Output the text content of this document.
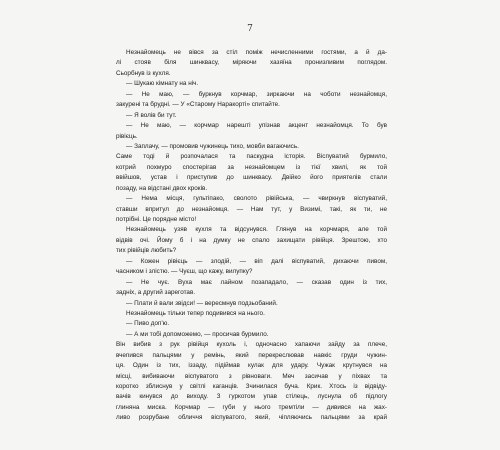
7
Незнайомець не вівся за стіл поміж нечисленними гостями, а й да-
лі стояв біля шинквасу, міряючи хазяїна пронизливим поглядом.
Сьорбнув із кухля.
— Шукаю кімнату на ніч.
— Не маю, — буркнув корчмар, зиркаючи на чоботи незнайомця,
закурені та брудні. — У «Старому Наракорті» спитайте.
— Я волів би тут.
— Не маю, — корчмар нарешті упізнав акцент незнайомця. То був
рівієць.
— Заплачу, — промовив чужинець тихо, мовби вагаючись.
Саме тоді й розпочалася та паскудна історія. Віспуватий бурмило,
котрий похмуро спостерігав за незнайомцем із тієї хвилі, як той
ввійшов, устав і приступив до шинквасу. Двійко його приятелів стали
позаду, на відстані двох кроків.
— Нема місця, гультіпако, сволото рівійська, — чвиркнув віспуватий,
ставши впритул до незнайомця. — Нам тут, у Визимі, такі, як ти, не
потрібні. Це порядне місто!
Незнайомець узяв кухля та відсунувся. Глянув на корчмаря, але той
відвів очі. Йому б і на думку не спало захищати рівійця. Зрештою, хто
тих рівійців любить?
— Кожен рівієць — злодій, — віп далі віспуватий, дихаючи пивом,
часником і злістю. — Чуєш, що кажу, вилупку?
— Не чує. Вуха має лайном позападало, — сказав один із тих,
задніх, а другий зареготав.
— Плати й вали звідси! — вересмнув подзьобаний.
Незнайомець тільки тепер подивився на нього.
— Пиво доп'ю.
— А ми тобі допоможемо, — просичав бурмило.
Він вибив з рук рівійця кухоль і, одночасно хапаючи зайду за плече,
вчепився пальцями у ремінь, який перекреслював навкіс груди чужин-
ця. Один із тих, іззаду, підіймав кулак для удару. Чужак крутнувся на
місці, вибиваючи віспуватого з рівноваги. Меч засичав у піхвах та
коротко зблиснув у світлі каганців. Зчинилася буча. Крик. Хтось із відвіду-
вачів кинувся до виходу. З гуркотом упав стілець, луснула об підлогу
глиняна миска. Корчмар — губи у нього тремтіли — дивився на жах-
ливо розрубане обличчя віспуватого, який, чіпляючись пальцями за край
